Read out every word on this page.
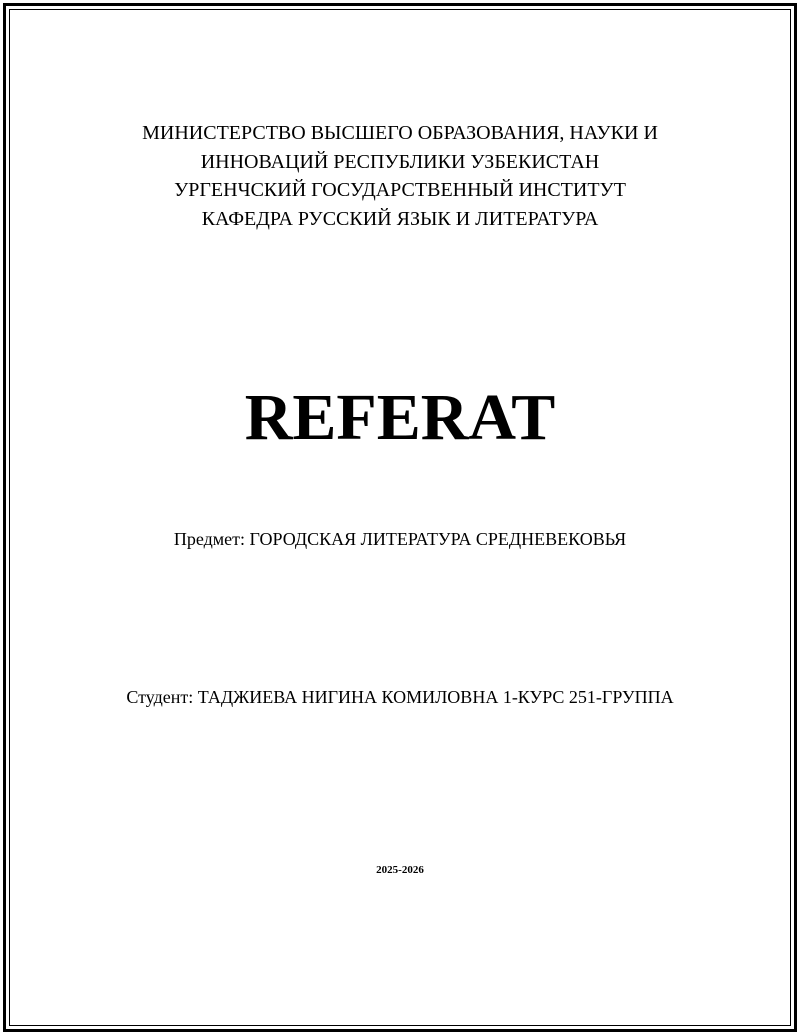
МИНИСТЕРСТВО ВЫСШЕГО ОБРАЗОВАНИЯ, НАУКИ И
ИННОВАЦИЙ РЕСПУБЛИКИ УЗБЕКИСТАН
УРГЕНЧСКИЙ ГОСУДАРСТВЕННЫЙ ИНСТИТУТ
КАФЕДРА РУССКИЙ ЯЗЫК И ЛИТЕРАТУРА
REFERAT
Предмет: ГОРОДСКАЯ ЛИТЕРАТУРА СРЕДНЕВЕКОВЬЯ
Студент: ТАДЖИЕВА НИГИНА КОМИЛОВНА 1-КУРС 251-ГРУППА
2025-2026
